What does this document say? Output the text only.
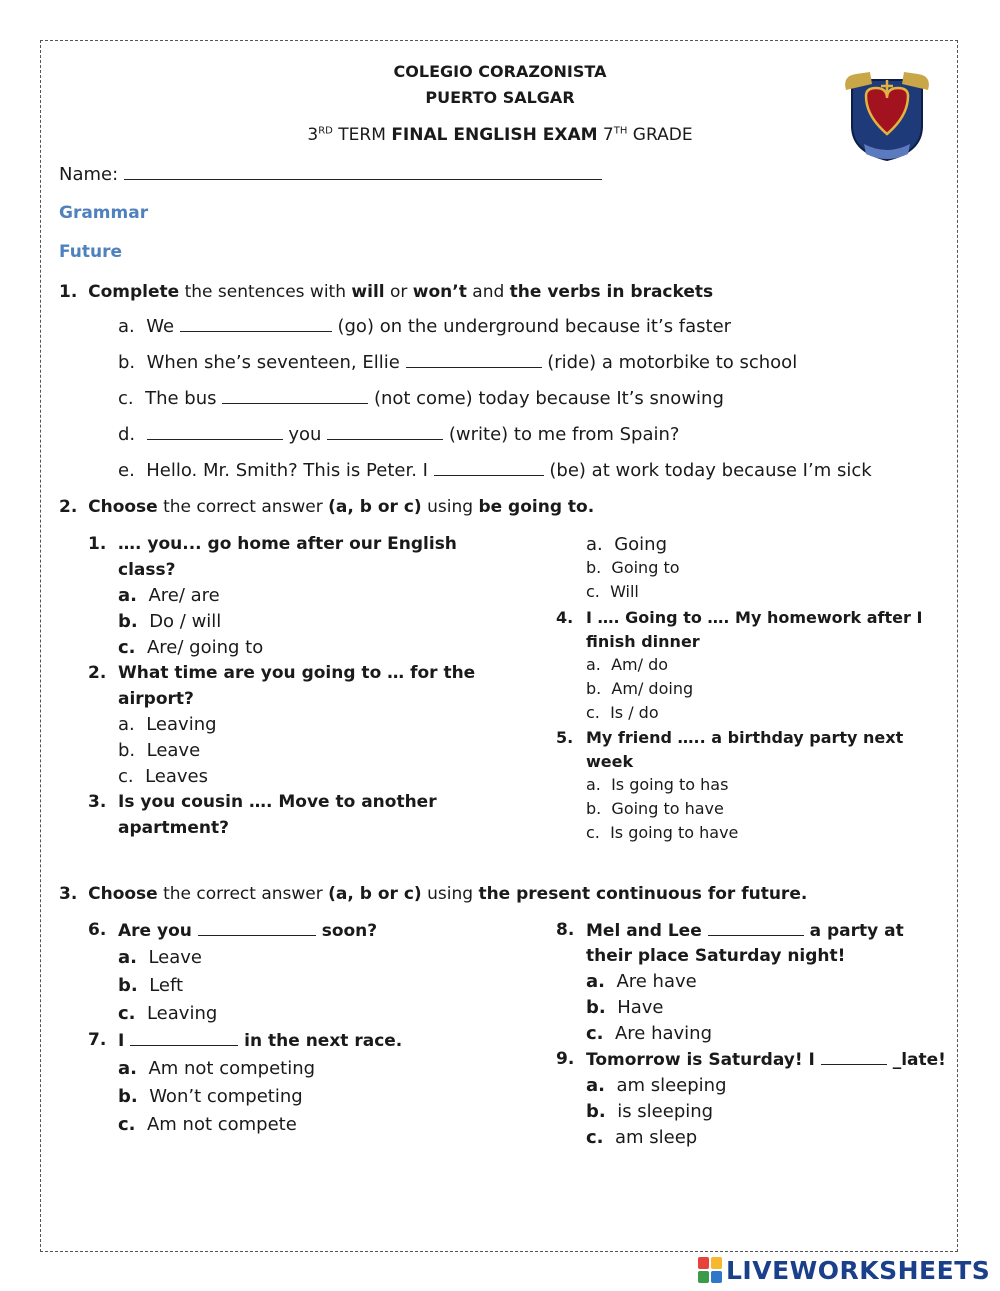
COLEGIO CORAZONISTA
PUERTO SALGAR
3RD TERM FINAL ENGLISH EXAM 7TH GRADE
Name:
Grammar
Future
1. Complete the sentences with will or won’t and the verbs in brackets
a. We	(go) on the underground because it’s faster
b. When she’s seventeen, Ellie	(ride) a motorbike to school
c. The bus	(not come) today because It’s snowing
d.	you	(write) to me from Spain?
e. Hello. Mr. Smith? This is Peter. I	(be) at work today because I’m sick
2. Choose the correct answer (a, b or c) using be going to.
1. …. you... go home after our English
class?
a. Are/ are
b. Do / will
c. Are/ going to
2. What time are you going to … for the
airport?
a. Leaving
b. Leave
c. Leaves
3. Is you cousin …. Move to another
apartment?
a. Going
b. Going to
c. Will
4. I …. Going to …. My homework after I
finish dinner
a. Am/ do
b. Am/ doing
c. Is / do
5. My friend ….. a birthday party next
week
a. Is going to has
b. Going to have
c. Is going to have
3. Choose the correct answer (a, b or c) using the present continuous for future.
6. Are you	soon?
a. Leave
b. Left
c. Leaving
7. I	in the next race.
a. Am not competing
b. Won’t competing
c. Am not compete
8. Mel and Lee	a party at
their place Saturday night!
a. Are have
b. Have
c. Are having
9. Tomorrow is Saturday! I	_late!
a. am sleeping
b. is sleeping
c. am sleep
LIVEWORKSHEETS
